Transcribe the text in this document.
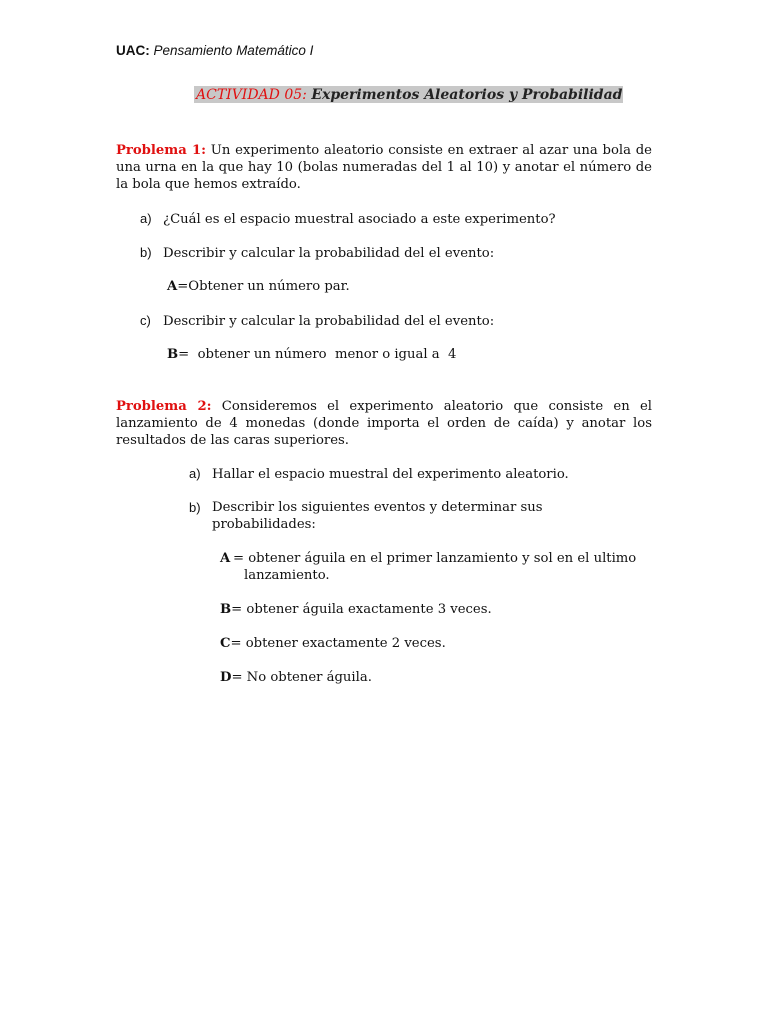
UAC: Pensamiento Matemático I
ACTIVIDAD 05: Experimentos Aleatorios y Probabilidad

Problema 1: Un experimento aleatorio consiste en extraer al azar una bola de una urna en la que hay 10 (bolas numeradas del 1 al 10) y anotar el número de la bola que hemos extraído.

a) ¿Cuál es el espacio muestral asociado a este experimento?

b) Describir y calcular la probabilidad del el evento:

A=Obtener un número par.

c) Describir y calcular la probabilidad del el evento:

B=  obtener un número  menor o igual a  4

Problema 2: Consideremos el experimento aleatorio que consiste en el lanzamiento de 4 monedas (donde importa el orden de caída) y anotar los resultados de las caras superiores.

a) Hallar el espacio muestral del experimento aleatorio.

b) Describir los siguientes eventos y determinar sus probabilidades:
A = obtener águila en el primer lanzamiento y sol en el ultimo lanzamiento.

B= obtener águila exactamente 3 veces.

C= obtener exactamente 2 veces.

D= No obtener águila.
